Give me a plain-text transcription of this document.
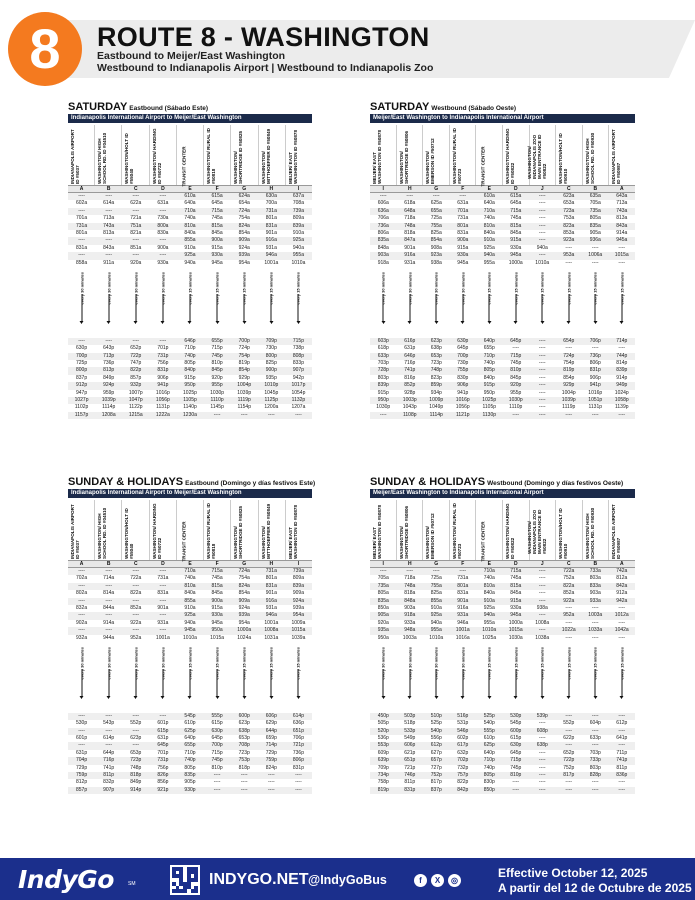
8	ROUTE 8 - WASHINGTON
Eastbound to Meijer/East Washington
Westbound to Indianapolis Airport | Westbound to Indianapolis Zoo
SATURDAY Eastbound (Sábado Este)
Indianapolis International Airport to Meijer/East Washington
INDIANAPOLIS AIRPORT ID #5037	WASHINGTON/ HIGH SCHOOL RD. ID #04510	WASHINGTON/HOLT ID #55040	WASHINGTON/ HARDING ID #50722	TRANSIT CENTER	WASHINGTON/ RURAL ID #50818	WASHINGTON/ SHORTRIDGE ID #50825	WASHINGTON/ MITTHOEFFER ID #50849	MEIJER/ EAST WASHINGTON ID #50878
A	B	C	D	E	F	G	H	I
----	----	----	----	610a	615a	624a	630a	637a
602a	614a	622a	631a	640a	645a	654a	700a	708a
----	----	----	----	710a	715a	724a	731a	739a
701a	713a	721a	730a	740a	745a	754a	801a	809a
731a	743a	751a	800a	810a	815a	824a	831a	839a
801a	813a	821a	830a	840a	845a	854a	901a	910a
----	----	----	----	855a	900a	909a	916a	925a
831a	843a	851a	900a	910a	915a	924a	931a	940a
----	----	----	----	925a	930a	939a	946a	955a
858a	911a	920a	930a	940a	945a	954a	1001a	1010a
every 30 minutes	every 30 minutes	every 30 minutes	every 30 minutes	every 15 minutes	every 15 minutes	every 15 minutes	every 15 minutes	every 15 minutes
----	----	----	----	646p	655p	700p	709p	715p
630p	643p	652p	701p	710p	715p	724p	730p	738p
700p	713p	722p	731p	740p	745p	754p	800p	808p
725p	736p	747p	756p	805p	810p	819p	825p	833p
800p	813p	822p	831p	840p	845p	854p	900p	907p
837p	849p	857p	906p	915p	920p	929p	935p	942p
912p	924p	932p	941p	950p	955p	1004p	1010p	1017p
947p	959p	1007p	1016p	1025p	1030p	1039p	1045p	1054p
1027p	1039p	1047p	1056p	1105p	1110p	1119p	1125p	1132p
1102p	1114p	1122p	1131p	1140p	1145p	1154p	1200a	1207a
1157p	1208a	1215a	1222a	1230a	----	----	----	----
SATURDAY Westbound (Sábado Oeste)
Meijer/East Washington to Indianapolis International Airport
MEIJER/ EAST WASHINGTON ID #50878	WASHINGTON/ SHORTRIDGE ID #50806	WASHINGTON/ EMERSON ID #50712	WASHINGTON/ RURAL ID #50723	TRANSIT CENTER	WASHINGTON/ HARDING ID #50822	WASHINGTON/ INDIANAPOLIS ZOO MAIN ENTRANCE ID #50822	WASHINGTON/HOLT ID #50910	WASHINGTON/ HIGH SCHOOL RD. ID #50930	INDIANAPOLIS AIRPORT ID #50987
I	H	G	F	E	D	J	C	B	A
----	----	----	----	610a	615a	----	623a	635a	643a
606a	618a	625a	631a	640a	645a	----	653a	705a	713a
636a	648a	655a	701a	710a	715a	----	723a	735a	743a
706a	718a	725a	731a	740a	745a	----	753a	805a	813a
736a	748a	755a	801a	810a	815a	----	823a	835a	843a
806a	818a	825a	831a	840a	845a	----	853a	905a	914a
835a	847a	854a	900a	910a	915a	----	923a	936a	945a
848a	901a	908a	915a	925a	930a	940a	----	----	----
903a	916a	923a	930a	940a	945a	----	953a	1006a	1015a
918a	931a	938a	945a	955a	1000a	1010a	----	----	----
every 30 minutes	every 30 minutes	every 30 minutes	every 30 minutes	every 15 minutes	every 15 minutes	every 15 minutes	every 15 minutes	every 15 minutes	every 15 minutes
603p	616p	623p	630p	640p	645p	----	654p	706p	714p
618p	631p	638p	645p	655p	----	----	----	----	----
633p	646p	653p	700p	710p	715p	----	724p	736p	744p
703p	716p	723p	730p	740p	745p	----	754p	806p	814p
728p	741p	748p	755p	805p	810p	----	819p	831p	839p
803p	816p	823p	830p	840p	845p	----	854p	906p	914p
839p	852p	859p	906p	915p	920p	----	929p	941p	949p
915p	928p	934p	941p	950p	955p	----	1004p	1016p	1024p
950p	1003p	1009p	1016p	1025p	1030p	----	1039p	1051p	1058p
1030p	1043p	1049p	1056p	1105p	1110p	----	1119p	1131p	1139p
----	1108p	1114p	1121p	1130p	----	----	----	----	----
SUNDAY & HOLIDAYS Eastbound (Domingo y días festivos Este)
Indianapolis International Airport to Meijer/East Washington
INDIANAPOLIS AIRPORT ID #5037	WASHINGTON/ HIGH SCHOOL RD. ID #04510	WASHINGTON/HOLT ID #55040	WASHINGTON/ HARDING ID #50722	TRANSIT CENTER	WASHINGTON/ RURAL ID #50818	WASHINGTON/ SHORTRIDGE ID #50825	WASHINGTON/ MITTHOEFFER ID #50849	MEIJER/ EAST WASHINGTON ID #50878
A	B	C	D	E	F	G	H	I
----	----	----	----	710a	715a	724a	731a	739a
702a	714a	722a	731a	740a	745a	754a	801a	809a
----	----	----	----	810a	815a	824a	831a	839a
802a	814a	822a	831a	840a	845a	854a	901a	909a
----	----	----	----	855a	900a	909a	916a	924a
832a	844a	852a	901a	910a	915a	924a	931a	939a
----	----	----	----	925a	930a	939a	946a	954a
902a	914a	922a	931a	940a	945a	954a	1001a	1009a
----	----	----	----	945a	950a	1000a	1008a	1015a
932a	944a	952a	1001a	1010a	1015a	1024a	1031a	1039a
every 30 minutes	every 30 minutes	every 30 minutes	every 30 minutes	every 15 minutes	every 15 minutes	every 15 minutes	every 15 minutes	every 15 minutes
----	----	----	----	545p	555p	600p	606p	614p
530p	543p	552p	601p	610p	615p	623p	629p	636p
----	----	----	615p	625p	630p	638p	644p	651p
601p	614p	623p	631p	640p	645p	653p	659p	706p
----	----	----	645p	655p	700p	708p	714p	721p
631p	644p	653p	701p	710p	715p	723p	729p	736p
704p	716p	723p	731p	740p	745p	753p	759p	806p
729p	741p	748p	756p	805p	810p	818p	824p	831p
759p	811p	818p	826p	835p	----	----	----	----
812p	832p	849p	856p	905p	----	----	----	----
857p	907p	914p	921p	930p	----	----	----	----
SUNDAY & HOLIDAYS Westbound (Domingo y días festivos Oeste)
Meijer/East Washington to Indianapolis International Airport
MEIJER/ EAST WASHINGTON ID #50878	WASHINGTON/ SHORTRIDGE ID #50806	WASHINGTON/ EMERSON ID #50712	WASHINGTON/ RURAL ID #50723	TRANSIT CENTER	WASHINGTON/ HARDING ID #50822	WASHINGTON/ INDIANAPOLIS ZOO MAIN ENTRANCE ID #50822	WASHINGTON/HOLT ID #50910	WASHINGTON/ HIGH SCHOOL RD. ID #50930	INDIANAPOLIS AIRPORT ID #50987
I	H	G	F	E	D	J	C	B	A
----	----	----	----	710a	715a	----	722a	733a	742a
705a	718a	725a	731a	740a	745a	----	752a	803a	812a
735a	748a	755a	801a	810a	815a	----	822a	833a	842a
805a	818a	825a	831a	840a	845a	----	852a	903a	912a
835a	848a	855a	901a	910a	915a	----	922a	933a	942a
850a	903a	910a	916a	925a	930a	938a	----	----	----
905a	918a	925a	931a	940a	945a	----	952a	1003a	1012a
920a	933a	940a	946a	955a	1000a	1008a	----	----	----
935a	948a	955a	1001a	1010a	1015a	----	1022a	1033a	1042a
950a	1003a	1010a	1016a	1025a	1030a	1038a	----	----	----
every 30 minutes	every 30 minutes	every 30 minutes	every 30 minutes	every 15 minutes	every 15 minutes	every 15 minutes	every 15 minutes	every 15 minutes	every 15 minutes
450p	503p	510p	516p	525p	530p	539p	----	----	----
505p	518p	525p	531p	540p	545p	----	552p	604p	612p
520p	533p	540p	546p	555p	600p	608p	----	----	----
536p	549p	556p	602p	610p	615p	----	622p	633p	641p
553p	606p	612p	617p	625p	630p	638p	----	----	----
609p	621p	627p	632p	640p	645p	----	652p	703p	711p
639p	651p	657p	702p	710p	715p	----	722p	733p	741p
709p	721p	727p	732p	740p	745p	----	752p	803p	811p
734p	746p	752p	757p	805p	810p	----	817p	828p	836p
758p	811p	817p	822p	830p	----	----	----	----	----
819p	831p	837p	842p	850p	----	----	----	----	----
IndyGo	SM	INDYGO.NET @IndyGoBus	f	X	◎
Effective October 12, 2025
A partir del 12 de Octubre de 2025
